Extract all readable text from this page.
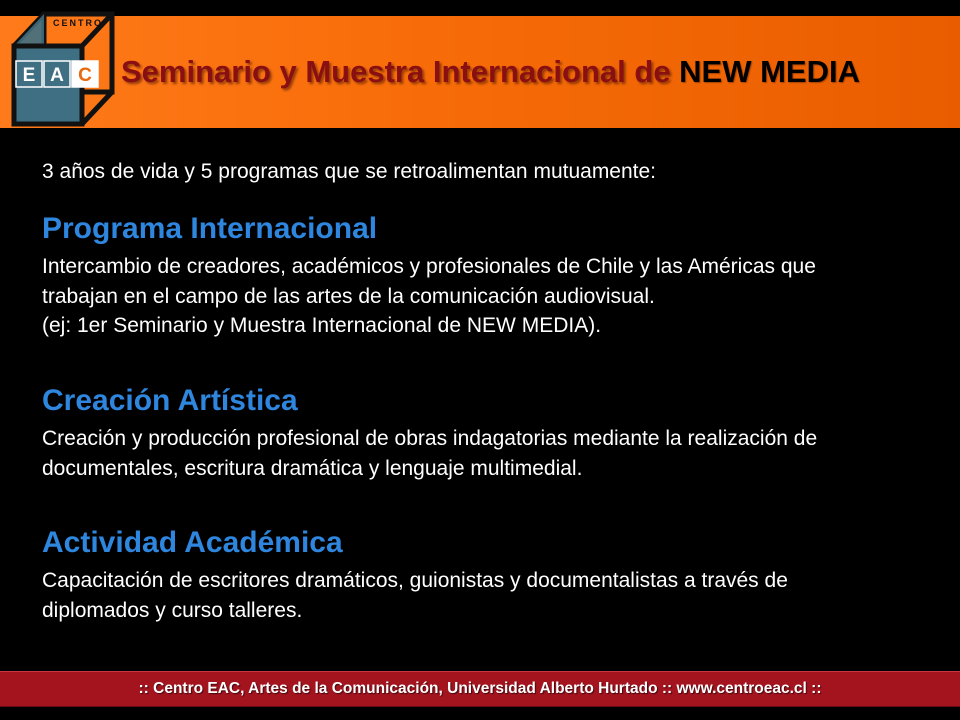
CENTRO
E A C Seminario y Muestra Internacional de NEW MEDIA
3 años de vida y 5 programas que se retroalimentan mutuamente:
Programa Internacional
Intercambio de creadores, académicos y profesionales de Chile y las Américas que
trabajan en el campo de las artes de la comunicación audiovisual.
(ej: 1er Seminario y Muestra Internacional de NEW MEDIA).
Creación Artística
Creación y producción profesional de obras indagatorias mediante la realización de
documentales, escritura dramática y lenguaje multimedial.
Actividad Académica
Capacitación de escritores dramáticos, guionistas y documentalistas a través de
diplomados y curso talleres.
:: Centro EAC, Artes de la Comunicación, Universidad Alberto Hurtado :: www.centroeac.cl ::
